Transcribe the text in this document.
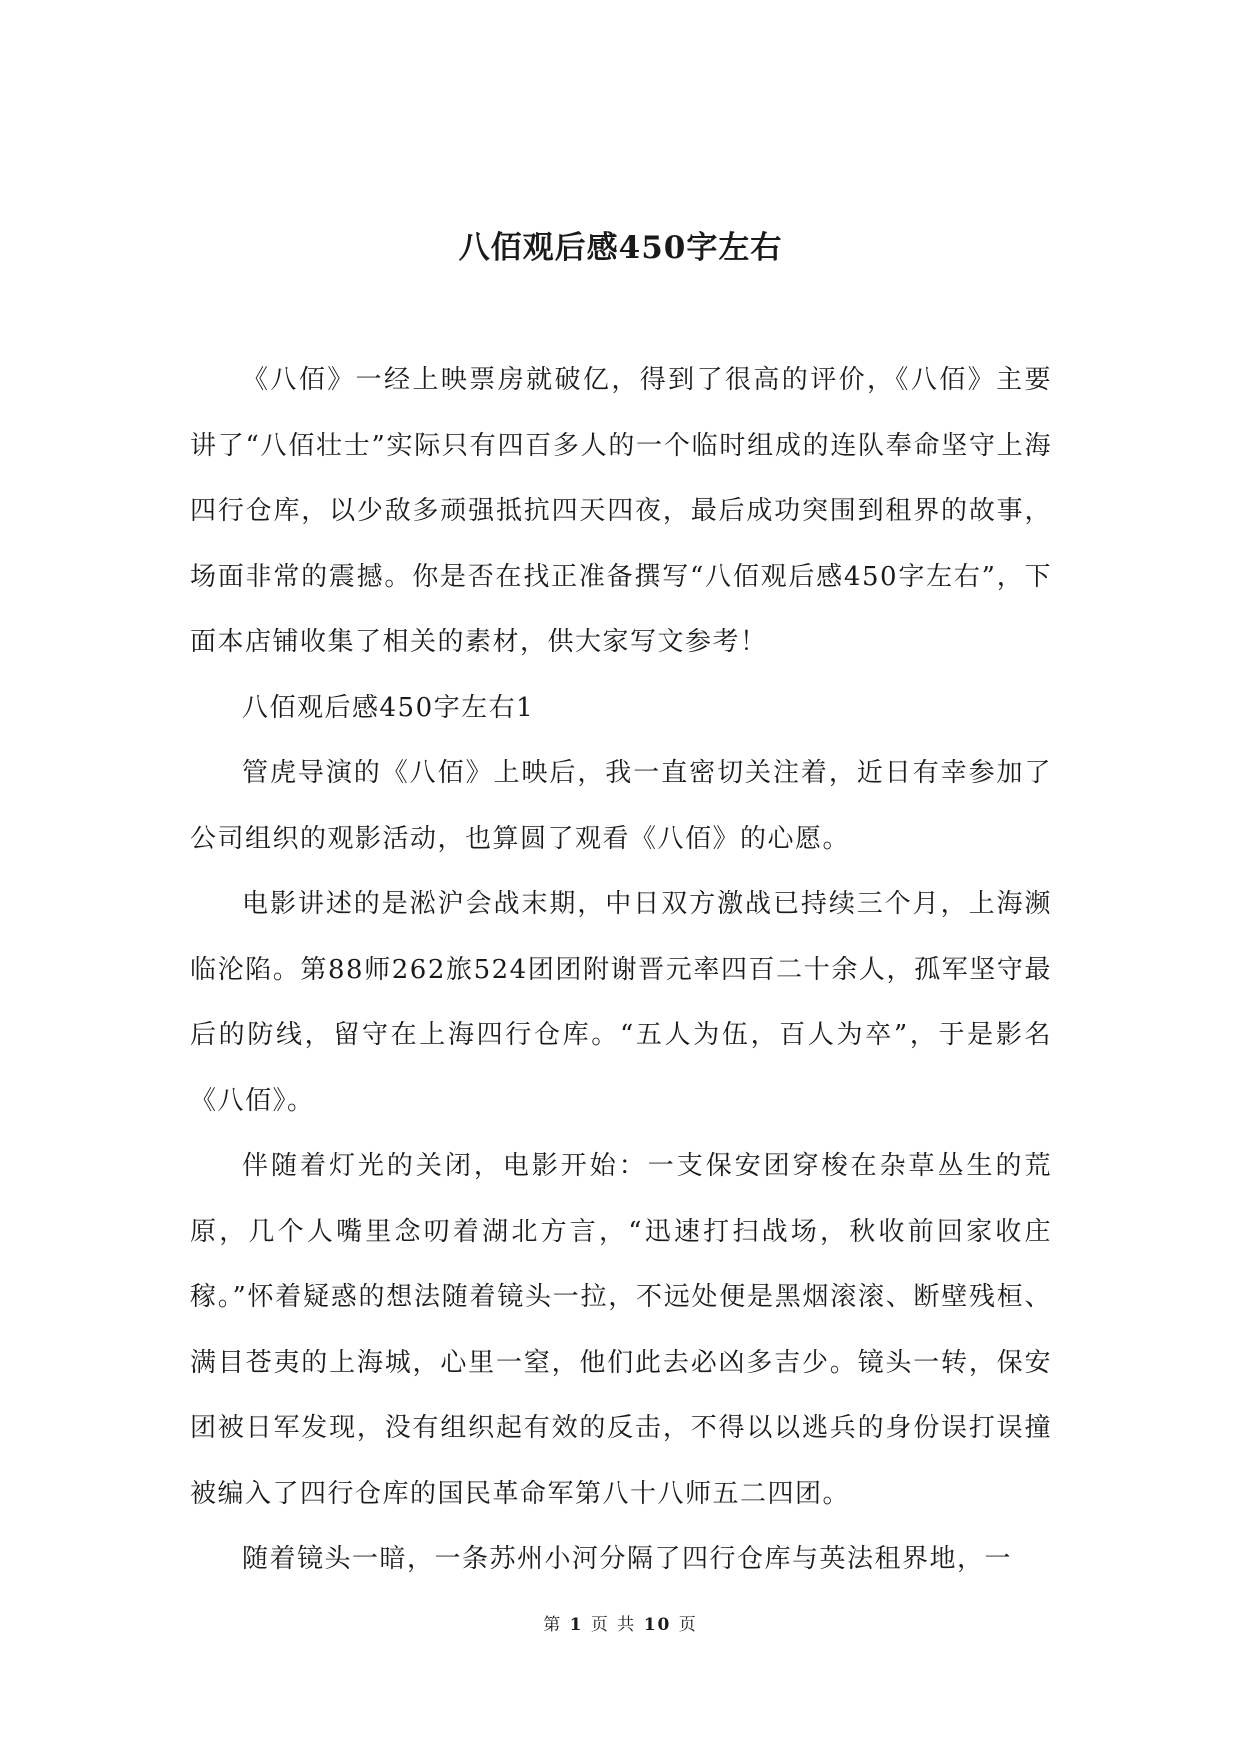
八佰观后感450字左右

《八佰》一经上映票房就破亿，得到了很高的评价，《八佰》主要讲了“八佰壮士”实际只有四百多人的一个临时组成的连队奉命坚守上海四行仓库，以少敌多顽强抵抗四天四夜，最后成功突围到租界的故事，场面非常的震撼。你是否在找正准备撰写“八佰观后感450字左右”，下面本店铺收集了相关的素材，供大家写文参考！

八佰观后感450字左右1

管虎导演的《八佰》上映后，我一直密切关注着，近日有幸参加了公司组织的观影活动，也算圆了观看《八佰》的心愿。

电影讲述的是淞沪会战末期，中日双方激战已持续三个月，上海濒临沦陷。第88师262旅524团团附谢晋元率四百二十余人，孤军坚守最后的防线，留守在上海四行仓库。“五人为伍，百人为卒”，于是影名《八佰》。

伴随着灯光的关闭，电影开始：一支保安团穿梭在杂草丛生的荒原，几个人嘴里念叨着湖北方言，“迅速打扫战场，秋收前回家收庄稼。”怀着疑惑的想法随着镜头一拉，不远处便是黑烟滚滚、断壁残桓、满目苍夷的上海城，心里一窒，他们此去必凶多吉少。镜头一转，保安团被日军发现，没有组织起有效的反击，不得以以逃兵的身份误打误撞被编入了四行仓库的国民革命军第八十八师五二四团。

随着镜头一暗，一条苏州小河分隔了四行仓库与英法租界地，一

第 1 页 共 10 页
